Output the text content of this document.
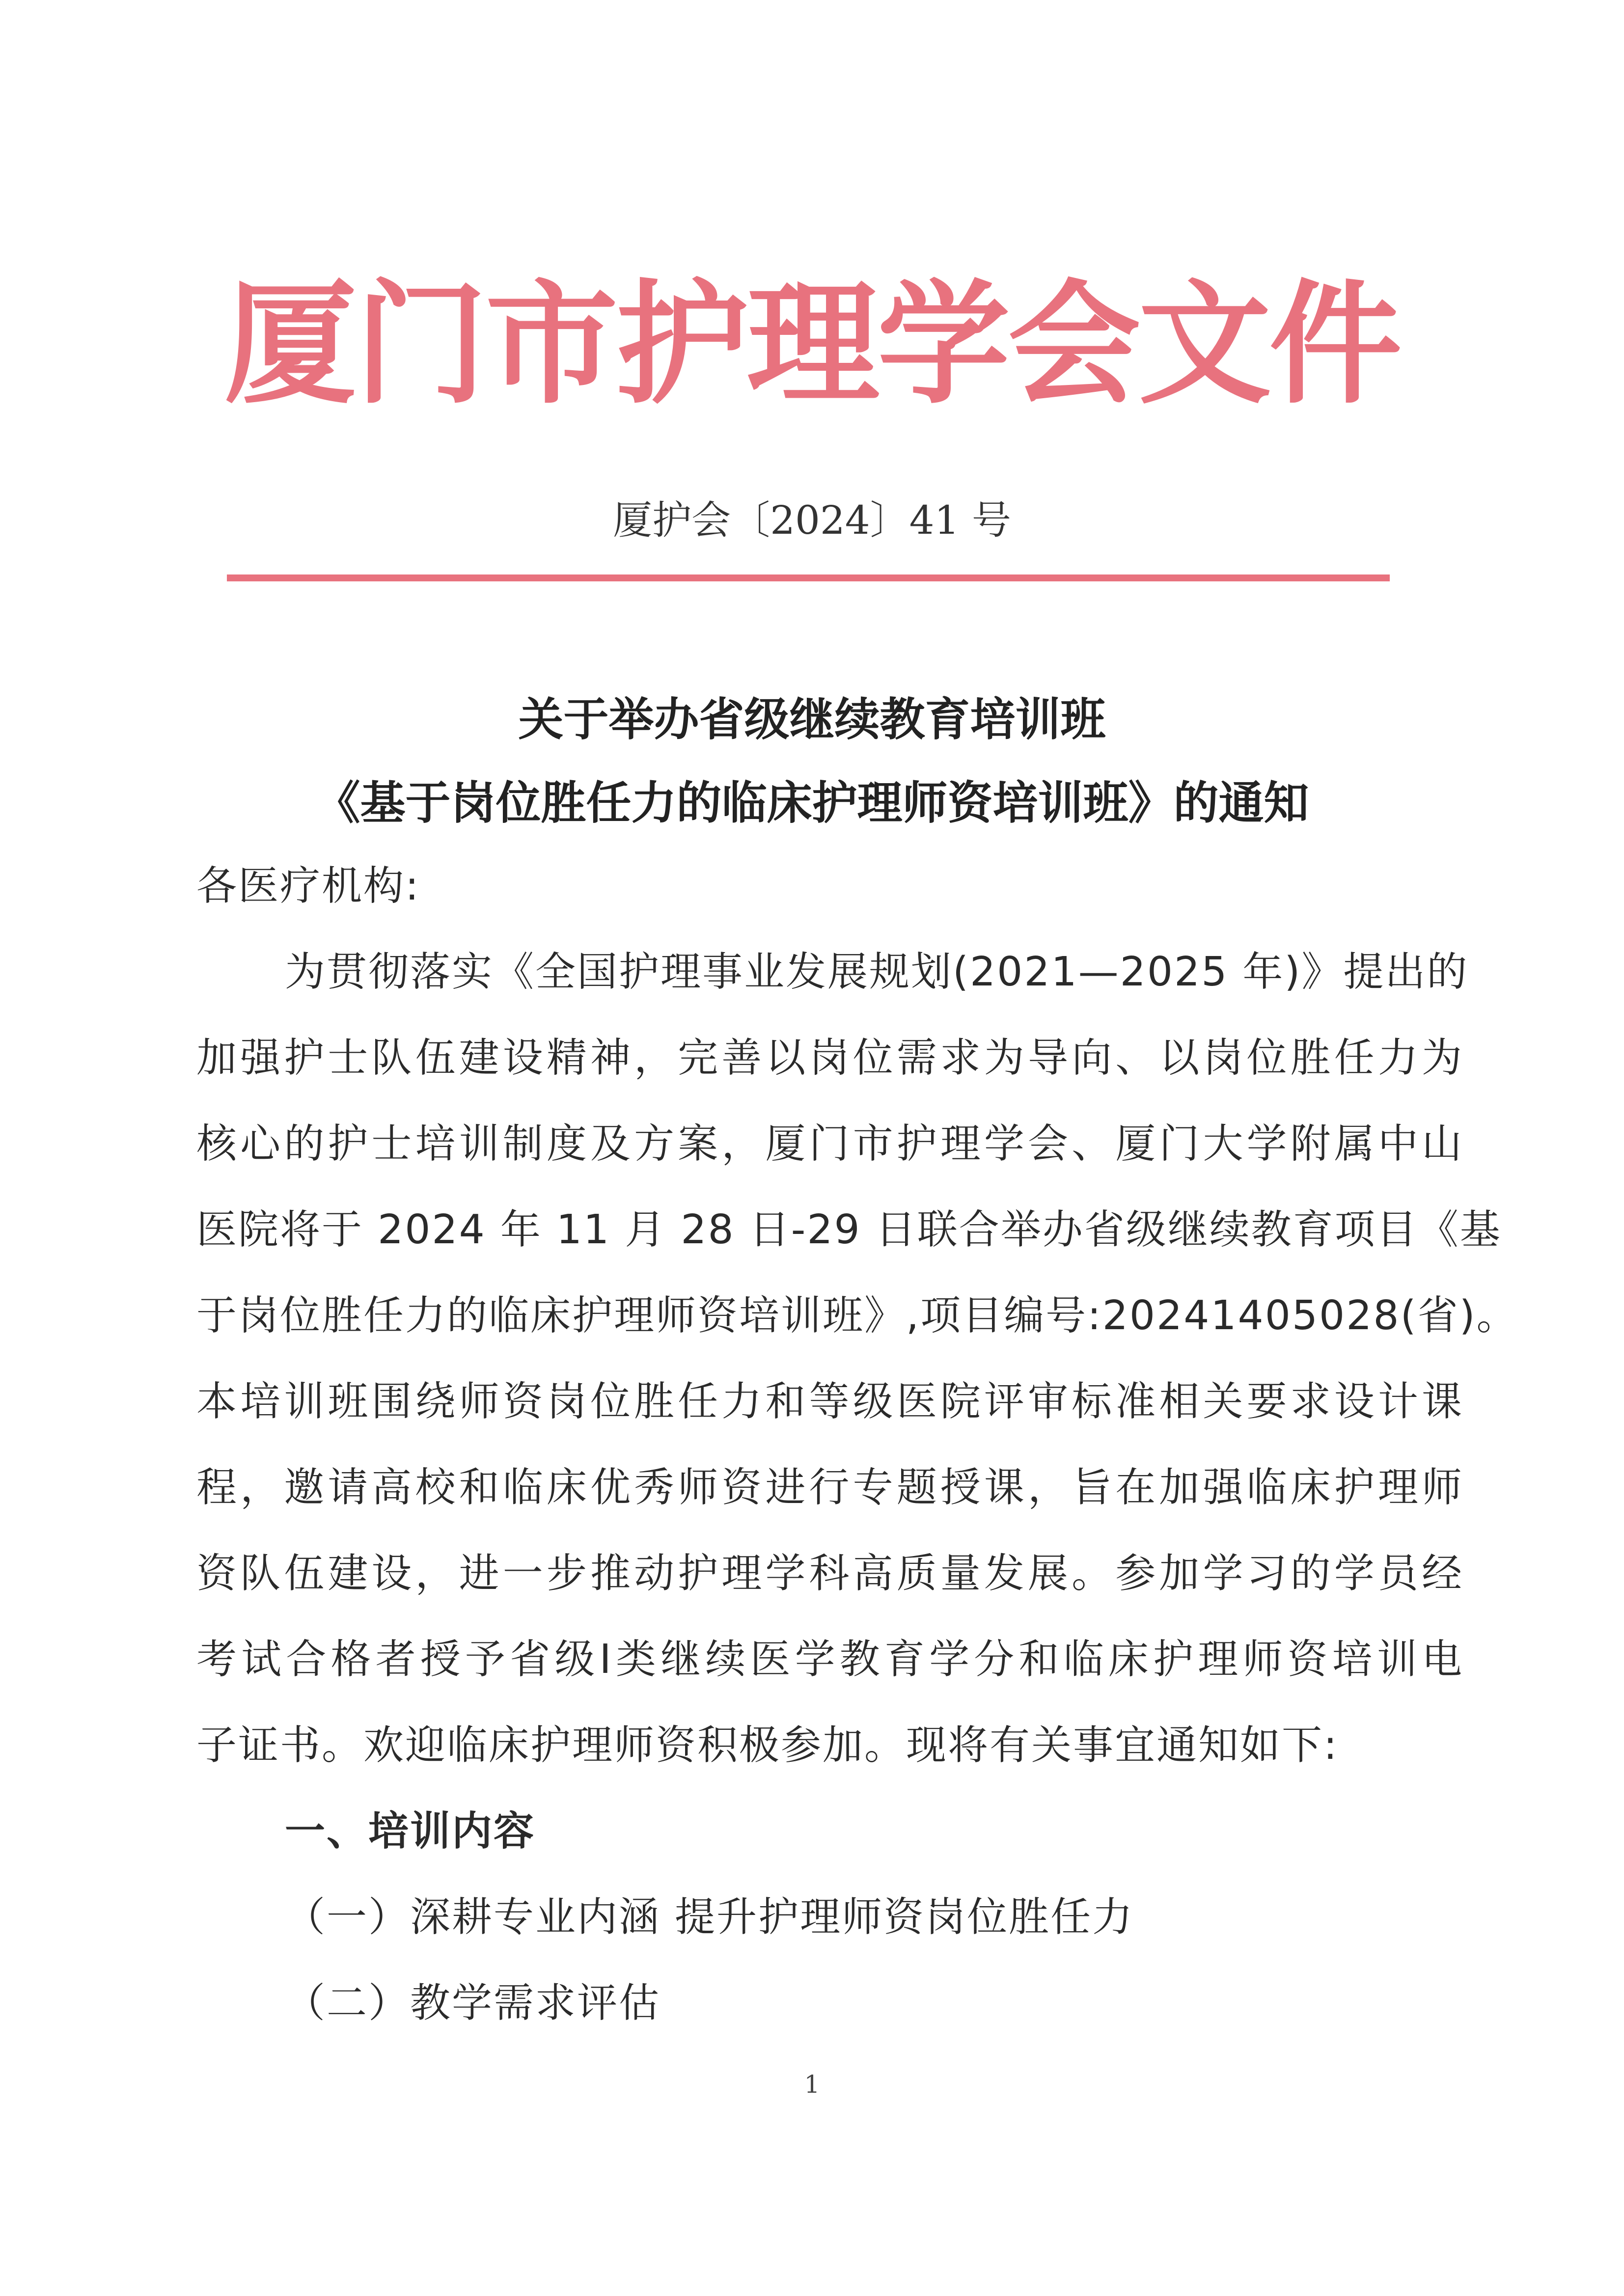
厦门市护理学会文件
厦护会〔2024〕41 号
关于举办省级继续教育培训班
《基于岗位胜任力的临床护理师资培训班》的通知
各医疗机构:
为贯彻落实《全国护理事业发展规划(2021—2025 年)》提出的
加强护士队伍建设精神，完善以岗位需求为导向、以岗位胜任力为
核心的护士培训制度及方案，厦门市护理学会、厦门大学附属中山
医院将于 2024 年 11 月 28 日-29 日联合举办省级继续教育项目《基
于岗位胜任力的临床护理师资培训班》,项目编号:20241405028(省)。
本培训班围绕师资岗位胜任力和等级医院评审标准相关要求设计课
程，邀请高校和临床优秀师资进行专题授课，旨在加强临床护理师
资队伍建设，进一步推动护理学科高质量发展。参加学习的学员经
考试合格者授予省级Ⅰ类继续医学教育学分和临床护理师资培训电
子证书。欢迎临床护理师资积极参加。现将有关事宜通知如下:
一、培训内容
（一）深耕专业内涵 提升护理师资岗位胜任力
（二）教学需求评估
1
